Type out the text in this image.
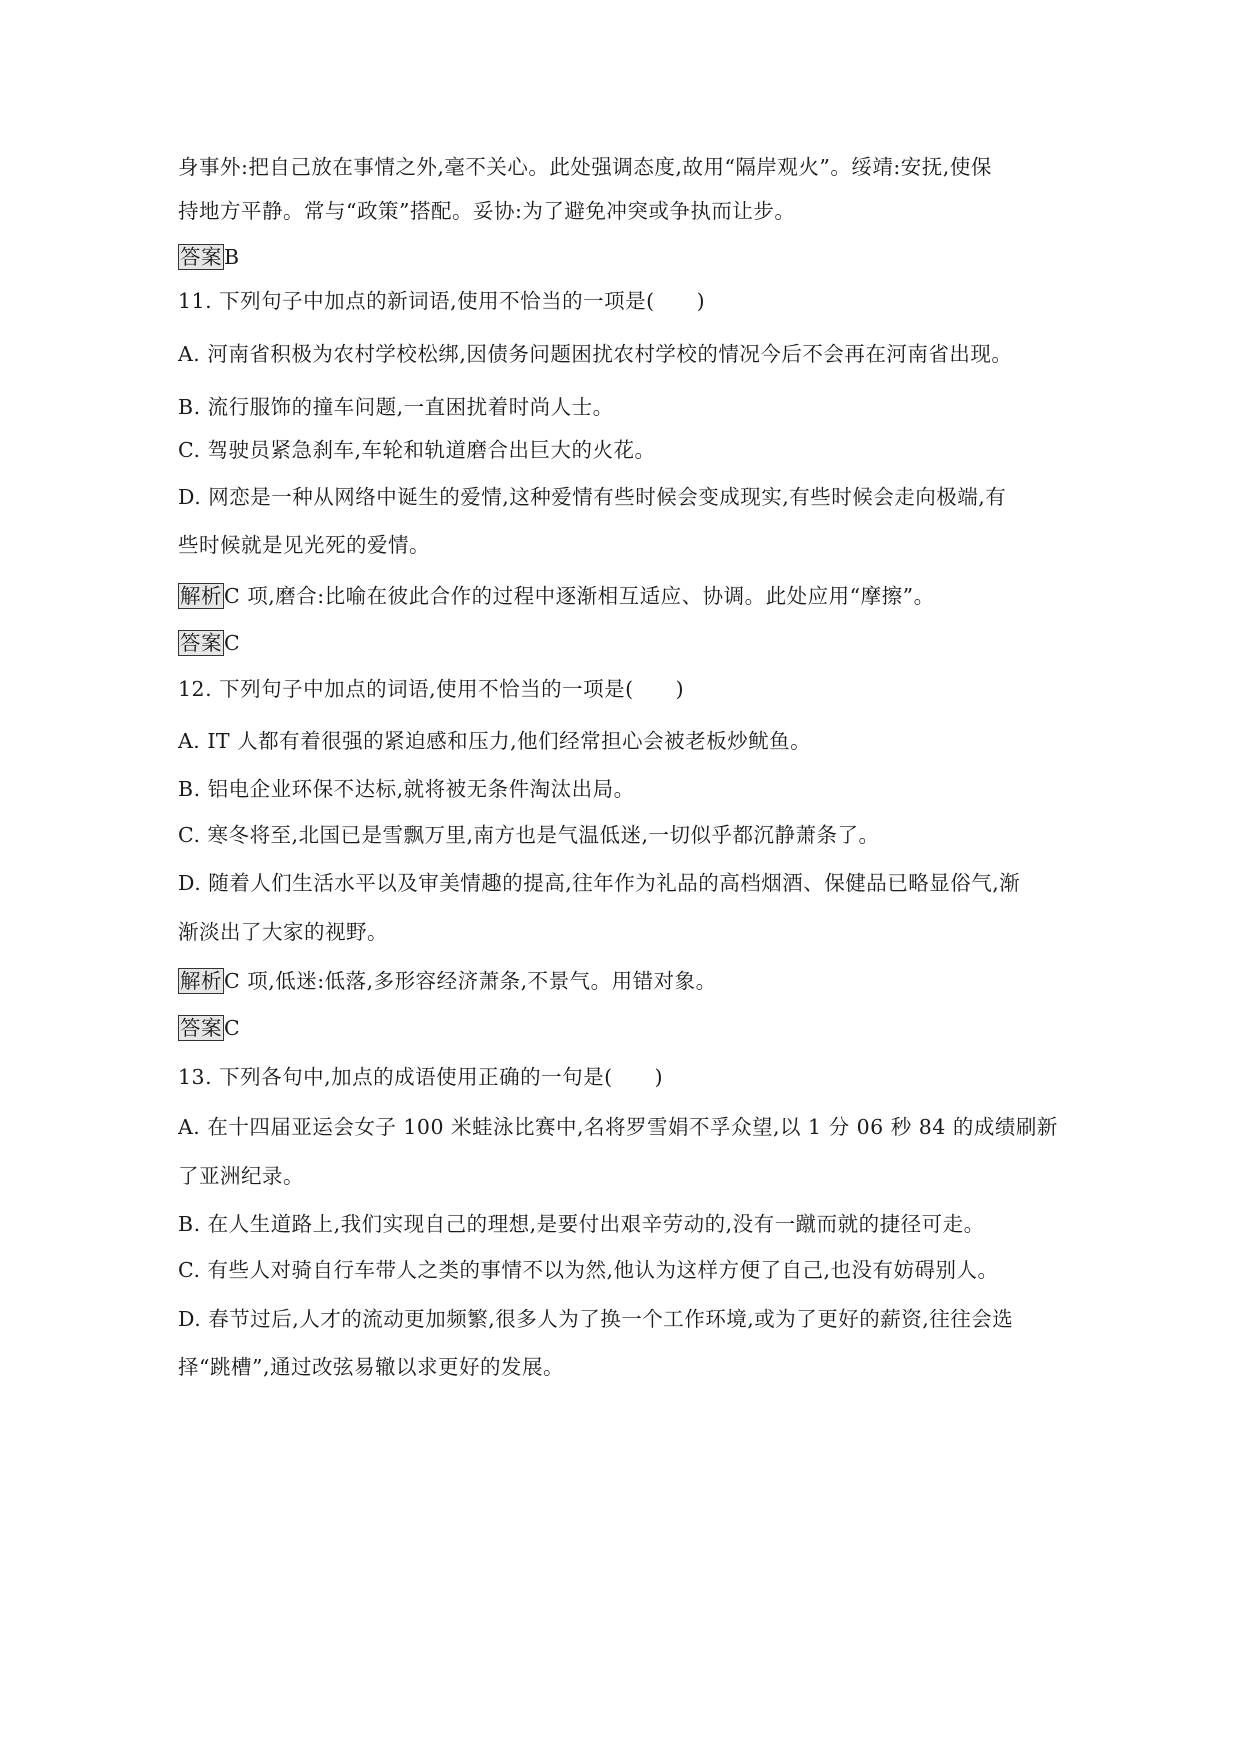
身事外:把自己放在事情之外,毫不关心。此处强调态度,故用“隔岸观火”。绥靖:安抚,使保

持地方平静。常与“政策”搭配。妥协:为了避免冲突或争执而让步。

答案B

11. 下列句子中加点的新词语,使用不恰当的一项是(　　)

A. 河南省积极为农村学校松绑,因债务问题困扰农村学校的情况今后不会再在河南省出现。

B. 流行服饰的撞车问题,一直困扰着时尚人士。

C. 驾驶员紧急刹车,车轮和轨道磨合出巨大的火花。

D. 网恋是一种从网络中诞生的爱情,这种爱情有些时候会变成现实,有些时候会走向极端,有

些时候就是见光死的爱情。

解析C 项,磨合:比喻在彼此合作的过程中逐渐相互适应、协调。此处应用“摩擦”。

答案C

12. 下列句子中加点的词语,使用不恰当的一项是(　　)

A. IT 人都有着很强的紧迫感和压力,他们经常担心会被老板炒鱿鱼。

B. 铝电企业环保不达标,就将被无条件淘汰出局。

C. 寒冬将至,北国已是雪飘万里,南方也是气温低迷,一切似乎都沉静萧条了。

D. 随着人们生活水平以及审美情趣的提高,往年作为礼品的高档烟酒、保健品已略显俗气,渐

渐淡出了大家的视野。

解析C 项,低迷:低落,多形容经济萧条,不景气。用错对象。

答案C

13. 下列各句中,加点的成语使用正确的一句是(　　)

A. 在十四届亚运会女子 100 米蛙泳比赛中,名将罗雪娟不孚众望,以 1 分 06 秒 84 的成绩刷新

了亚洲纪录。

B. 在人生道路上,我们实现自己的理想,是要付出艰辛劳动的,没有一蹴而就的捷径可走。

C. 有些人对骑自行车带人之类的事情不以为然,他认为这样方便了自己,也没有妨碍别人。

D. 春节过后,人才的流动更加频繁,很多人为了换一个工作环境,或为了更好的薪资,往往会选

择“跳槽”,通过改弦易辙以求更好的发展。
